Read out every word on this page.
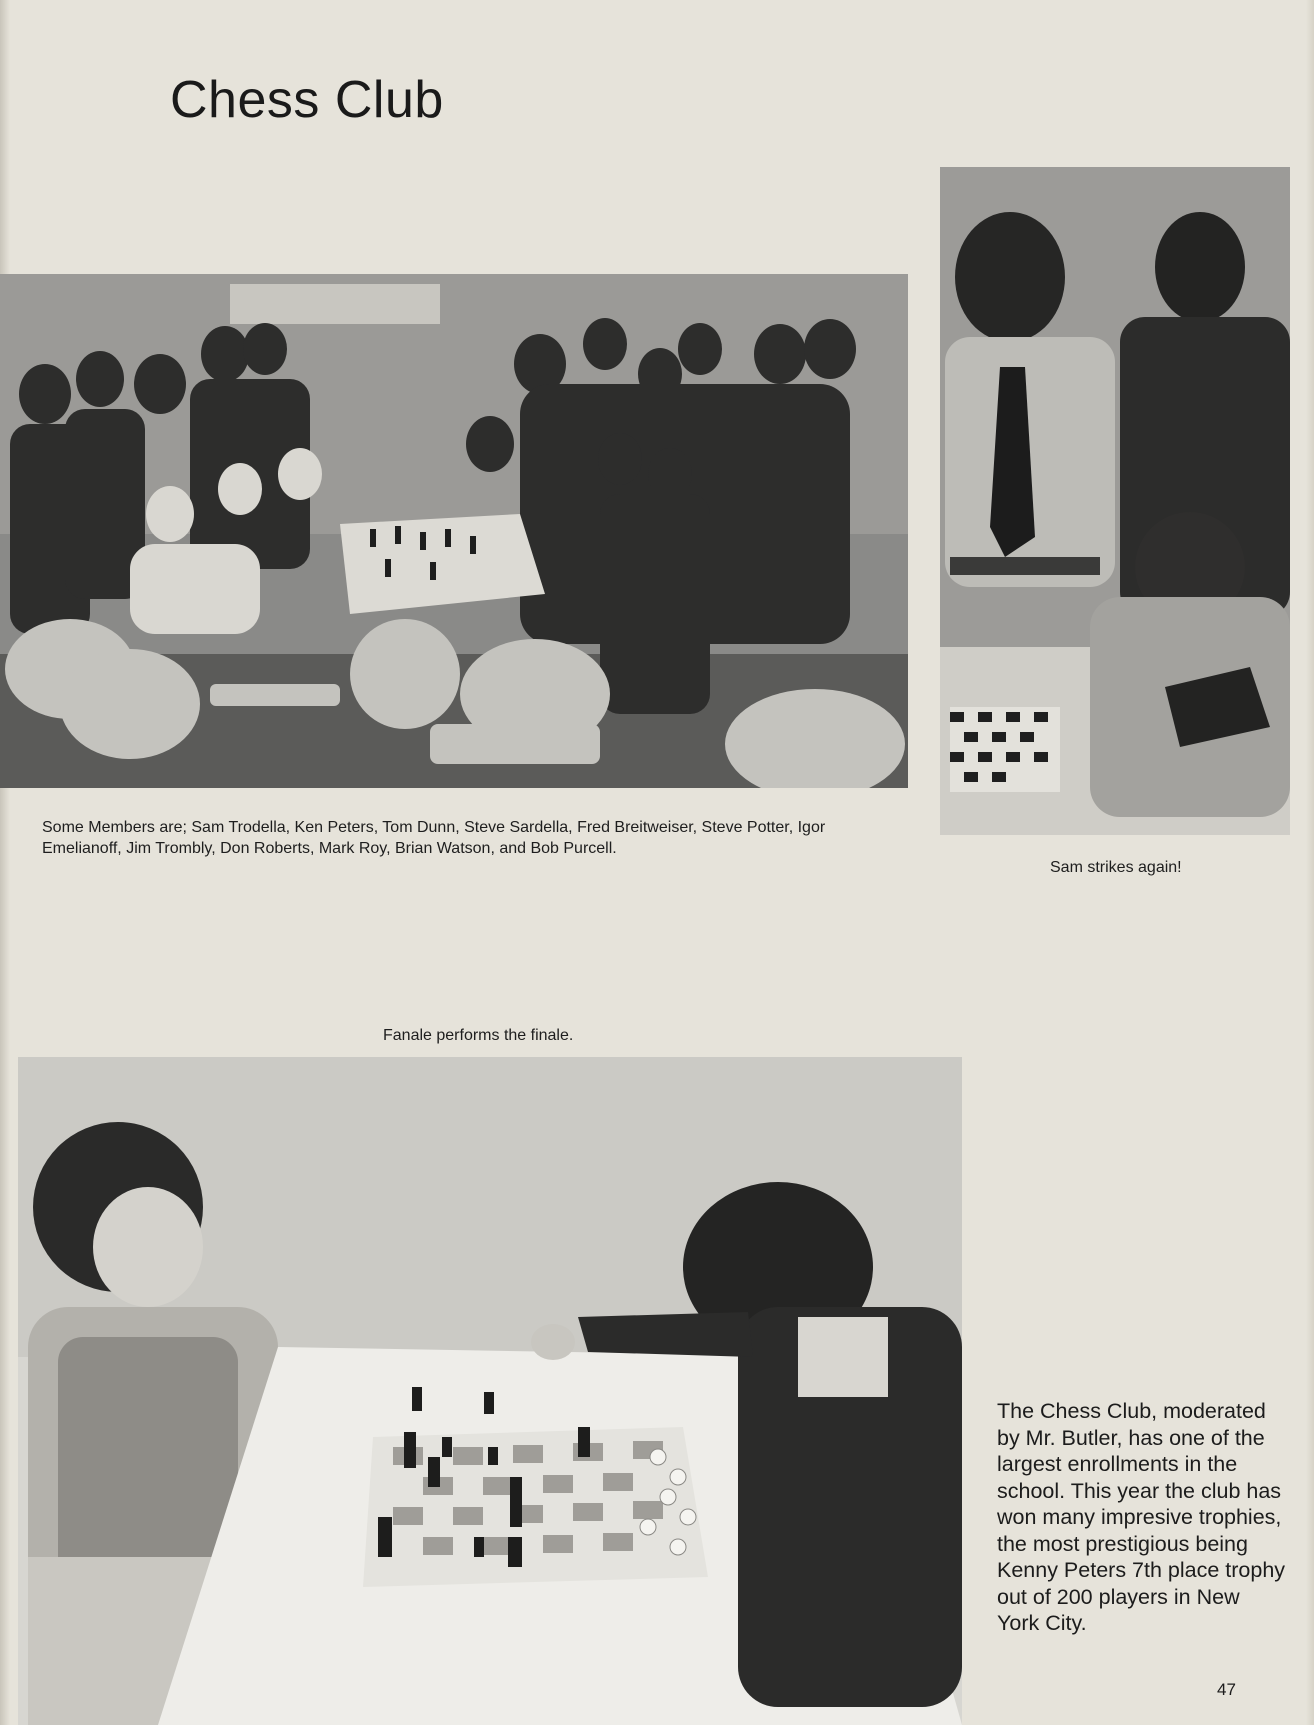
Chess Club
Some Members are; Sam Trodella, Ken Peters, Tom Dunn, Steve Sardella, Fred Breitweiser, Steve Potter, Igor Emelianoff, Jim Trombly, Don Roberts, Mark Roy, Brian Watson, and Bob Purcell.
Sam strikes again!
Fanale performs the finale.
The Chess Club, moderated by Mr. Butler, has one of the largest enrollments in the school. This year the club has won many impresive trophies, the most prestigious being Kenny Peters 7th place trophy out of 200 players in New York City.
47
